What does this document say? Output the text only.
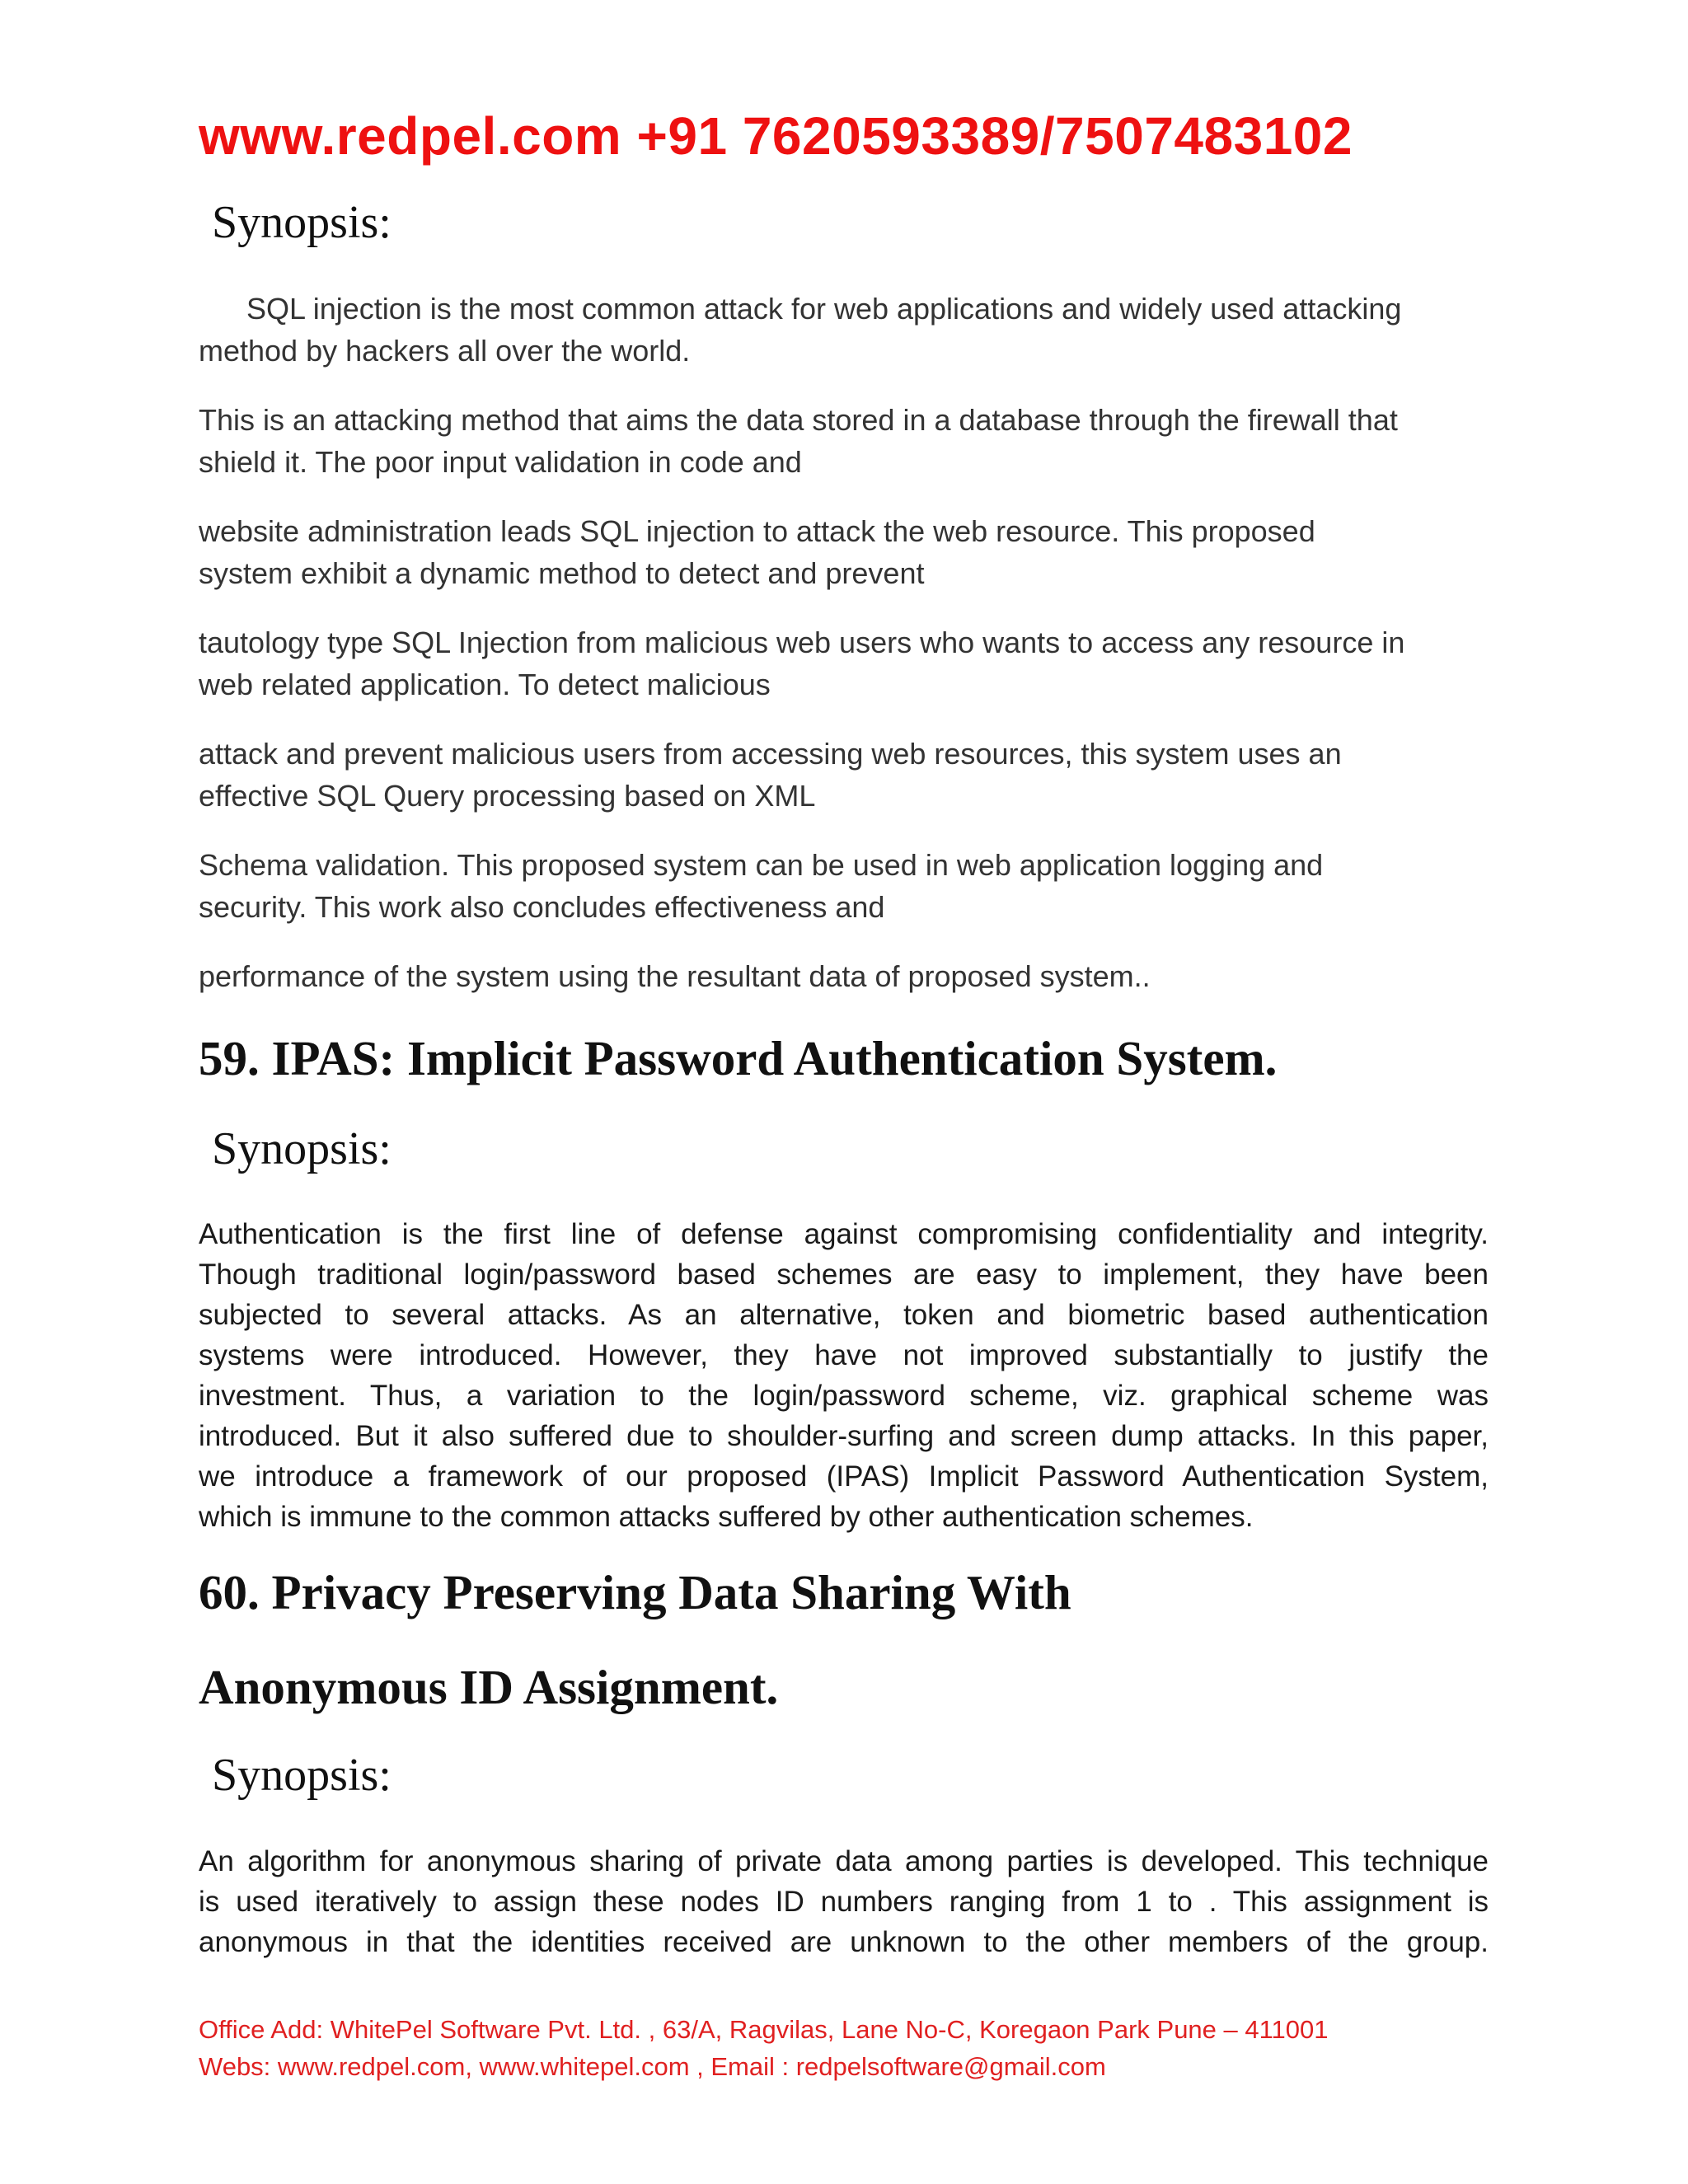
www.redpel.com +91 7620593389/7507483102
Synopsis:
SQL injection is the most common attack for web applications and widely used attacking
method by hackers all over the world.
This is an attacking method that aims the data stored in a database through the firewall that
shield it. The poor input validation in code and
website administration leads SQL injection to attack the web resource. This proposed
system exhibit a dynamic method to detect and prevent
tautology type SQL Injection from malicious web users who wants to access any resource in
web related application. To detect malicious
attack and prevent malicious users from accessing web resources, this system uses an
effective SQL Query processing based on XML
Schema validation. This proposed system can be used in web application logging and
security. This work also concludes effectiveness and
performance of the system using the resultant data of proposed system..
59. IPAS: Implicit Password Authentication System.
Synopsis:
Authentication is the first line of defense against compromising confidentiality and integrity.
Though traditional login/password based schemes are easy to implement, they have been
subjected to several attacks. As an alternative, token and biometric based authentication
systems were introduced. However, they have not improved substantially to justify the
investment. Thus, a variation to the login/password scheme, viz. graphical scheme was
introduced. But it also suffered due to shoulder-surfing and screen dump attacks. In this paper,
we introduce a framework of our proposed (IPAS) Implicit Password Authentication System,
which is immune to the common attacks suffered by other authentication schemes.
60. Privacy Preserving Data Sharing With
Anonymous ID Assignment.
Synopsis:
An algorithm for anonymous sharing of private data among parties is developed. This technique
is used iteratively to assign these nodes ID numbers ranging from 1 to . This assignment is
anonymous in that the identities received are unknown to the other members of the group.
Office Add: WhitePel Software Pvt. Ltd. , 63/A, Ragvilas, Lane No-C, Koregaon Park Pune – 411001
Webs: www.redpel.com, www.whitepel.com , Email : redpelsoftware@gmail.com
